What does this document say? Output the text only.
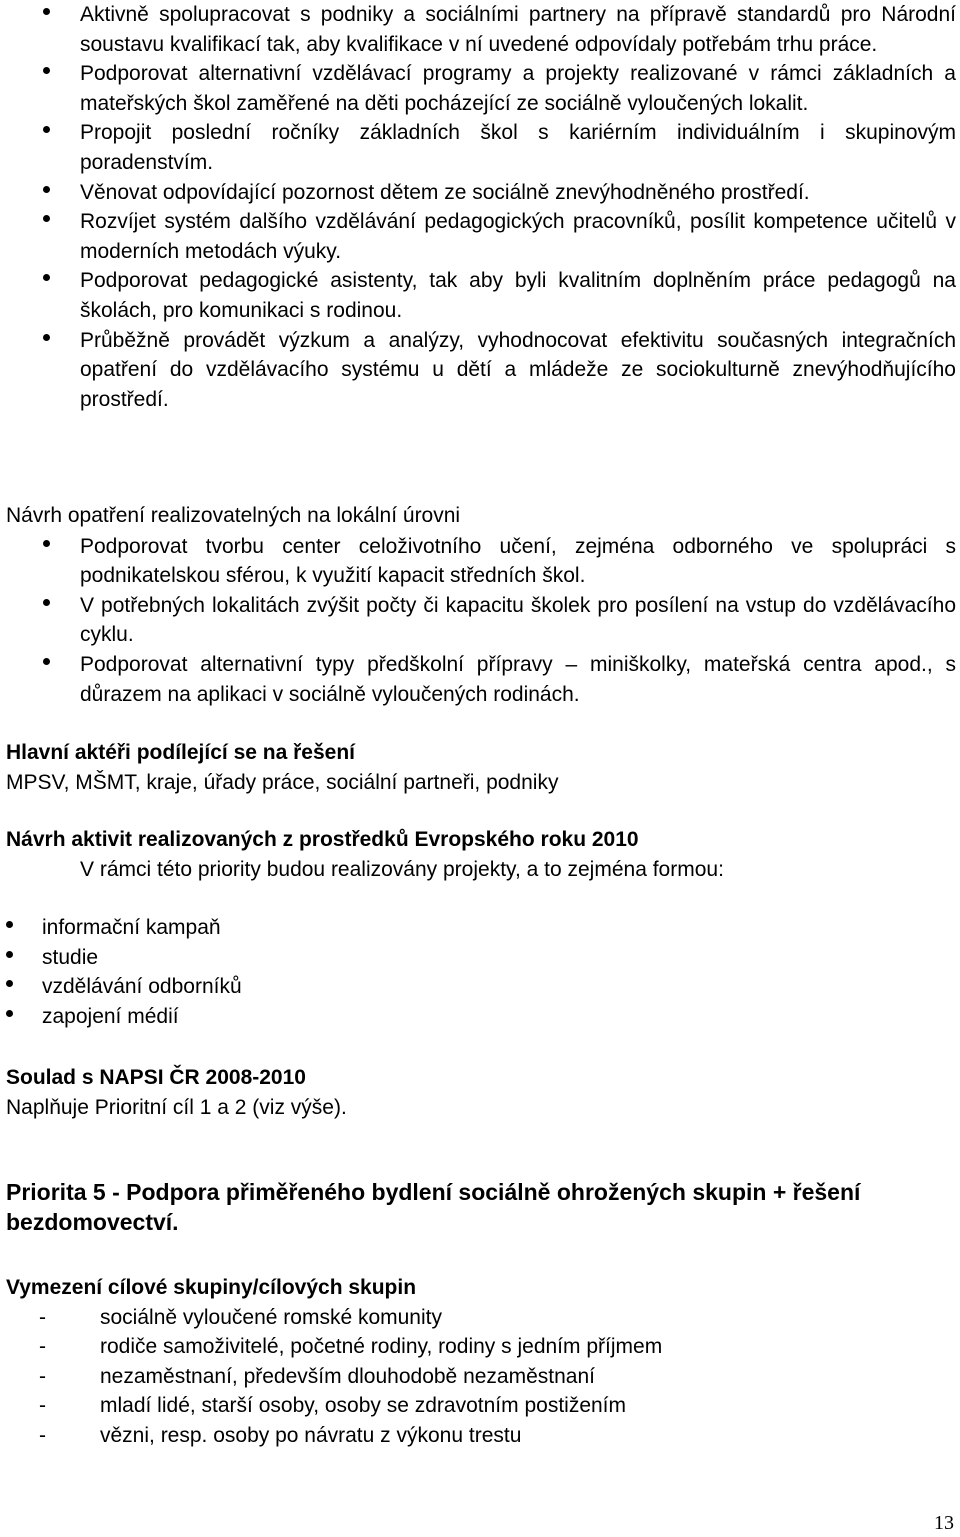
Aktivně spolupracovat s podniky a sociálními partnery na přípravě standardů pro Národní soustavu kvalifikací tak, aby kvalifikace v ní uvedené odpovídaly potřebám trhu práce.
Podporovat alternativní vzdělávací programy a projekty realizované v rámci základních a mateřských škol zaměřené na děti pocházející ze sociálně vyloučených lokalit.
Propojit poslední ročníky základních škol s kariérním individuálním i skupinovým poradenstvím.
Věnovat odpovídající pozornost dětem ze sociálně znevýhodněného prostředí.
Rozvíjet systém dalšího vzdělávání pedagogických pracovníků, posílit kompetence učitelů v moderních metodách výuky.
Podporovat pedagogické asistenty, tak aby byli kvalitním doplněním práce pedagogů na školách, pro komunikaci s rodinou.
Průběžně provádět výzkum a analýzy, vyhodnocovat efektivitu současných integračních opatření do vzdělávacího systému u dětí a mládeže ze sociokulturně znevýhodňujícího prostředí.
Návrh opatření realizovatelných na lokální úrovni
Podporovat tvorbu center celoživotního učení, zejména odborného ve spolupráci s podnikatelskou sférou, k využití kapacit středních škol.
V potřebných lokalitách zvýšit počty či kapacitu školek pro posílení na vstup do vzdělávacího cyklu.
Podporovat alternativní typy předškolní přípravy – miniškolky, mateřská centra apod., s důrazem na aplikaci v sociálně vyloučených rodinách.
Hlavní aktéři podílející se na řešení
MPSV, MŠMT, kraje, úřady práce, sociální partneři, podniky
Návrh aktivit realizovaných z prostředků Evropského roku 2010
V rámci této priority budou realizovány projekty, a to zejména formou:
informační kampaň
studie
vzdělávání odborníků
zapojení médií
Soulad s NAPSI ČR 2008-2010
Naplňuje Prioritní cíl 1 a 2 (viz výše).
Priorita 5 - Podpora přiměřeného bydlení sociálně ohrožených skupin + řešení bezdomovectví.
Vymezení cílové skupiny/cílových skupin
-	sociálně vyloučené romské komunity
-	rodiče samoživitelé, početné rodiny, rodiny s jedním příjmem
-	nezaměstnaní, především dlouhodobě nezaměstnaní
-	mladí lidé, starší osoby, osoby se zdravotním postižením
-	vězni, resp. osoby po návratu z výkonu trestu
13
